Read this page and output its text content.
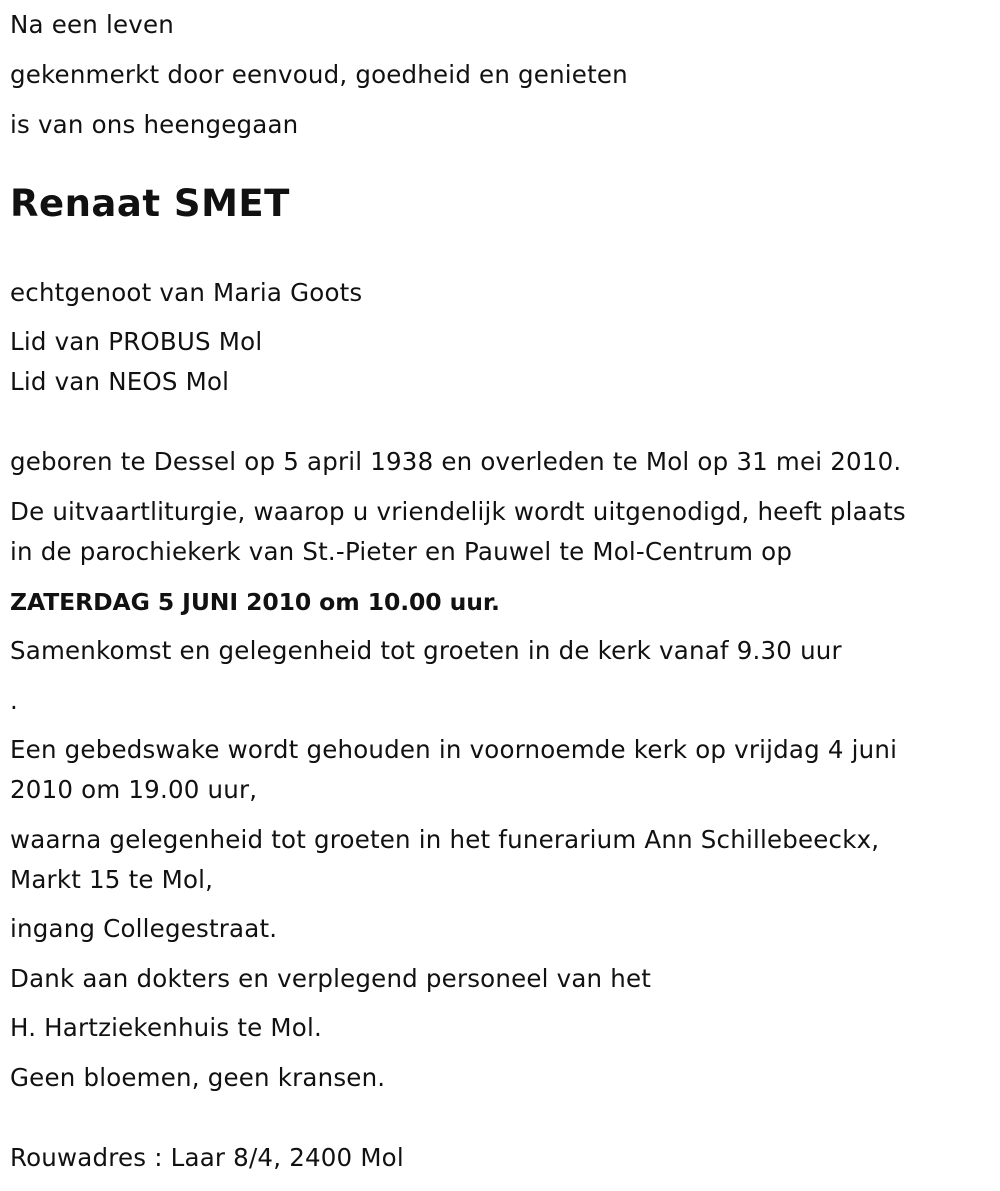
Na een leven
gekenmerkt door eenvoud, goedheid en genieten
is van ons heengegaan
Renaat SMET
echtgenoot van Maria Goots
Lid van PROBUS Mol
Lid van NEOS Mol
geboren te Dessel op 5 april 1938 en overleden te Mol op 31 mei 2010.
De uitvaartliturgie, waarop u vriendelijk wordt uitgenodigd, heeft plaats
in de parochiekerk van St.-Pieter en Pauwel te Mol-Centrum op
ZATERDAG 5 JUNI 2010 om 10.00 uur.
Samenkomst en gelegenheid tot groeten in de kerk vanaf 9.30 uur
.
Een gebedswake wordt gehouden in voornoemde kerk op vrijdag 4 juni
2010 om 19.00 uur,
waarna gelegenheid tot groeten in het funerarium Ann Schillebeeckx,
Markt 15 te Mol,
ingang Collegestraat.
Dank aan dokters en verplegend personeel van het
H. Hartziekenhuis te Mol.
Geen bloemen, geen kransen.
Rouwadres : Laar 8/4, 2400 Mol
